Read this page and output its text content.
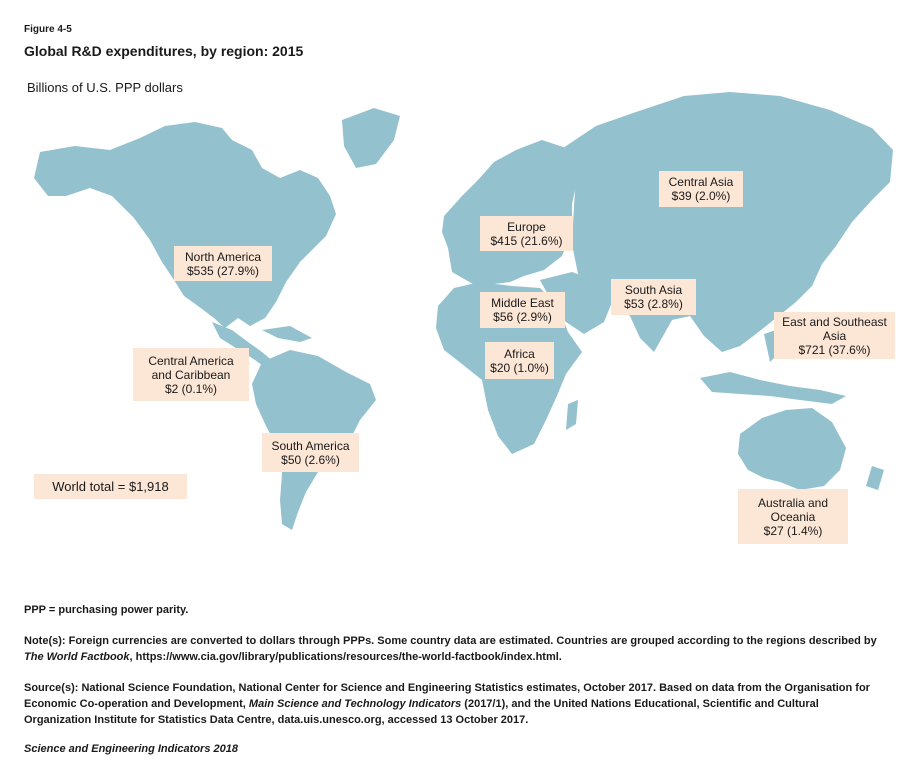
Figure 4-5
Global R&D expenditures, by region: 2015
Billions of U.S. PPP dollars
North America
$535 (27.9%)
Central America
and Caribbean
$2 (0.1%)
South America
$50 (2.6%)
Europe
$415 (21.6%)
Middle East
$56 (2.9%)
Africa
$20 (1.0%)
Central Asia
$39 (2.0%)
South Asia
$53 (2.8%)
East and Southeast
Asia
$721 (37.6%)
Australia and
Oceania
$27 (1.4%)
World total = $1,918
PPP = purchasing power parity.
Note(s): Foreign currencies are converted to dollars through PPPs. Some country data are estimated. Countries are grouped according to the regions described by The World Factbook, https://www.cia.gov/library/publications/resources/the-world-factbook/index.html.
Source(s): National Science Foundation, National Center for Science and Engineering Statistics estimates, October 2017. Based on data from the Organisation for Economic Co-operation and Development, Main Science and Technology Indicators (2017/1), and the United Nations Educational, Scientific and Cultural Organization Institute for Statistics Data Centre, data.uis.unesco.org, accessed 13 October 2017.
Science and Engineering Indicators 2018
